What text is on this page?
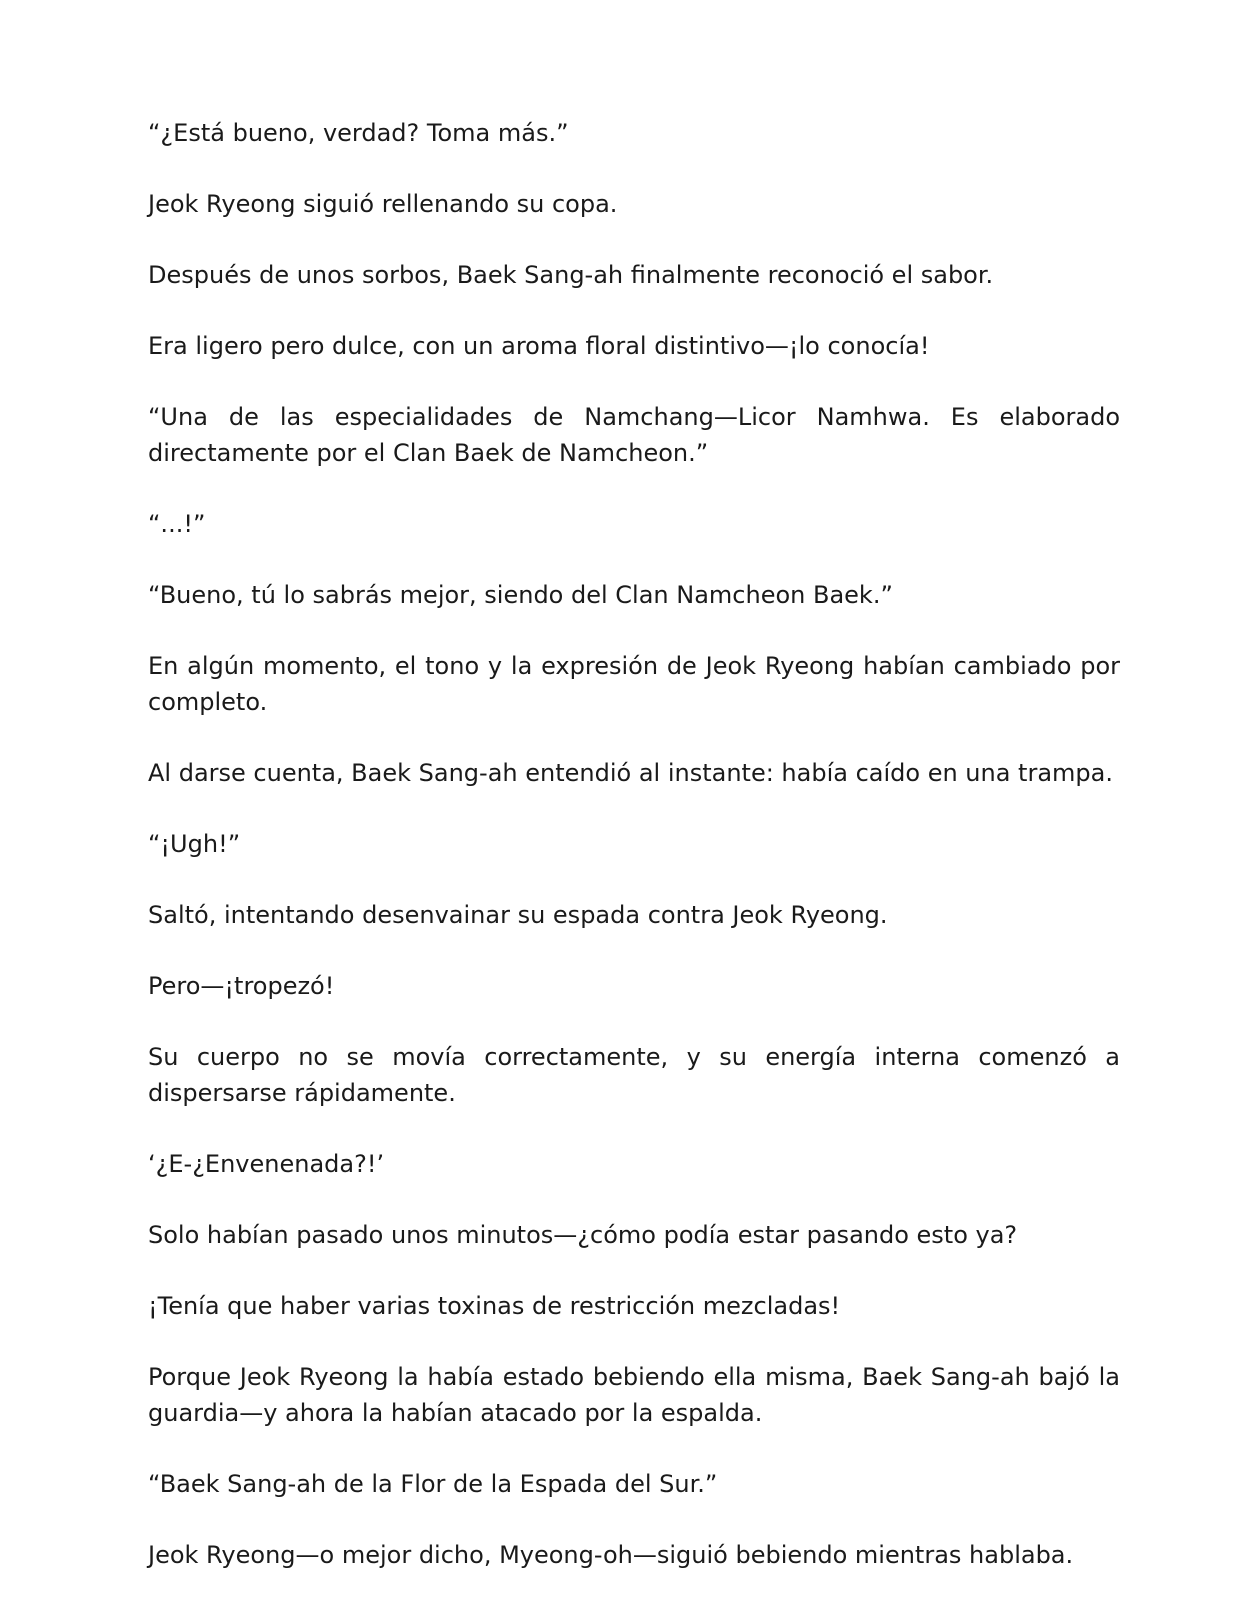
“¿Está bueno, verdad? Toma más.”

Jeok Ryeong siguió rellenando su copa.

Después de unos sorbos, Baek Sang-ah finalmente reconoció el sabor.

Era ligero pero dulce, con un aroma floral distintivo—¡lo conocía!

“Una de las especialidades de Namchang—Licor Namhwa. Es elaborado directamente por el Clan Baek de Namcheon.”

“...!”

“Bueno, tú lo sabrás mejor, siendo del Clan Namcheon Baek.”

En algún momento, el tono y la expresión de Jeok Ryeong habían cambiado por completo.

Al darse cuenta, Baek Sang-ah entendió al instante: había caído en una trampa.

“¡Ugh!”

Saltó, intentando desenvainar su espada contra Jeok Ryeong.

Pero—¡tropezó!

Su cuerpo no se movía correctamente, y su energía interna comenzó a dispersarse rápidamente.

‘¿E-¿Envenenada?!’

Solo habían pasado unos minutos—¿cómo podía estar pasando esto ya?

¡Tenía que haber varias toxinas de restricción mezcladas!

Porque Jeok Ryeong la había estado bebiendo ella misma, Baek Sang-ah bajó la guardia—y ahora la habían atacado por la espalda.

“Baek Sang-ah de la Flor de la Espada del Sur.”

Jeok Ryeong—o mejor dicho, Myeong-oh—siguió bebiendo mientras hablaba.
